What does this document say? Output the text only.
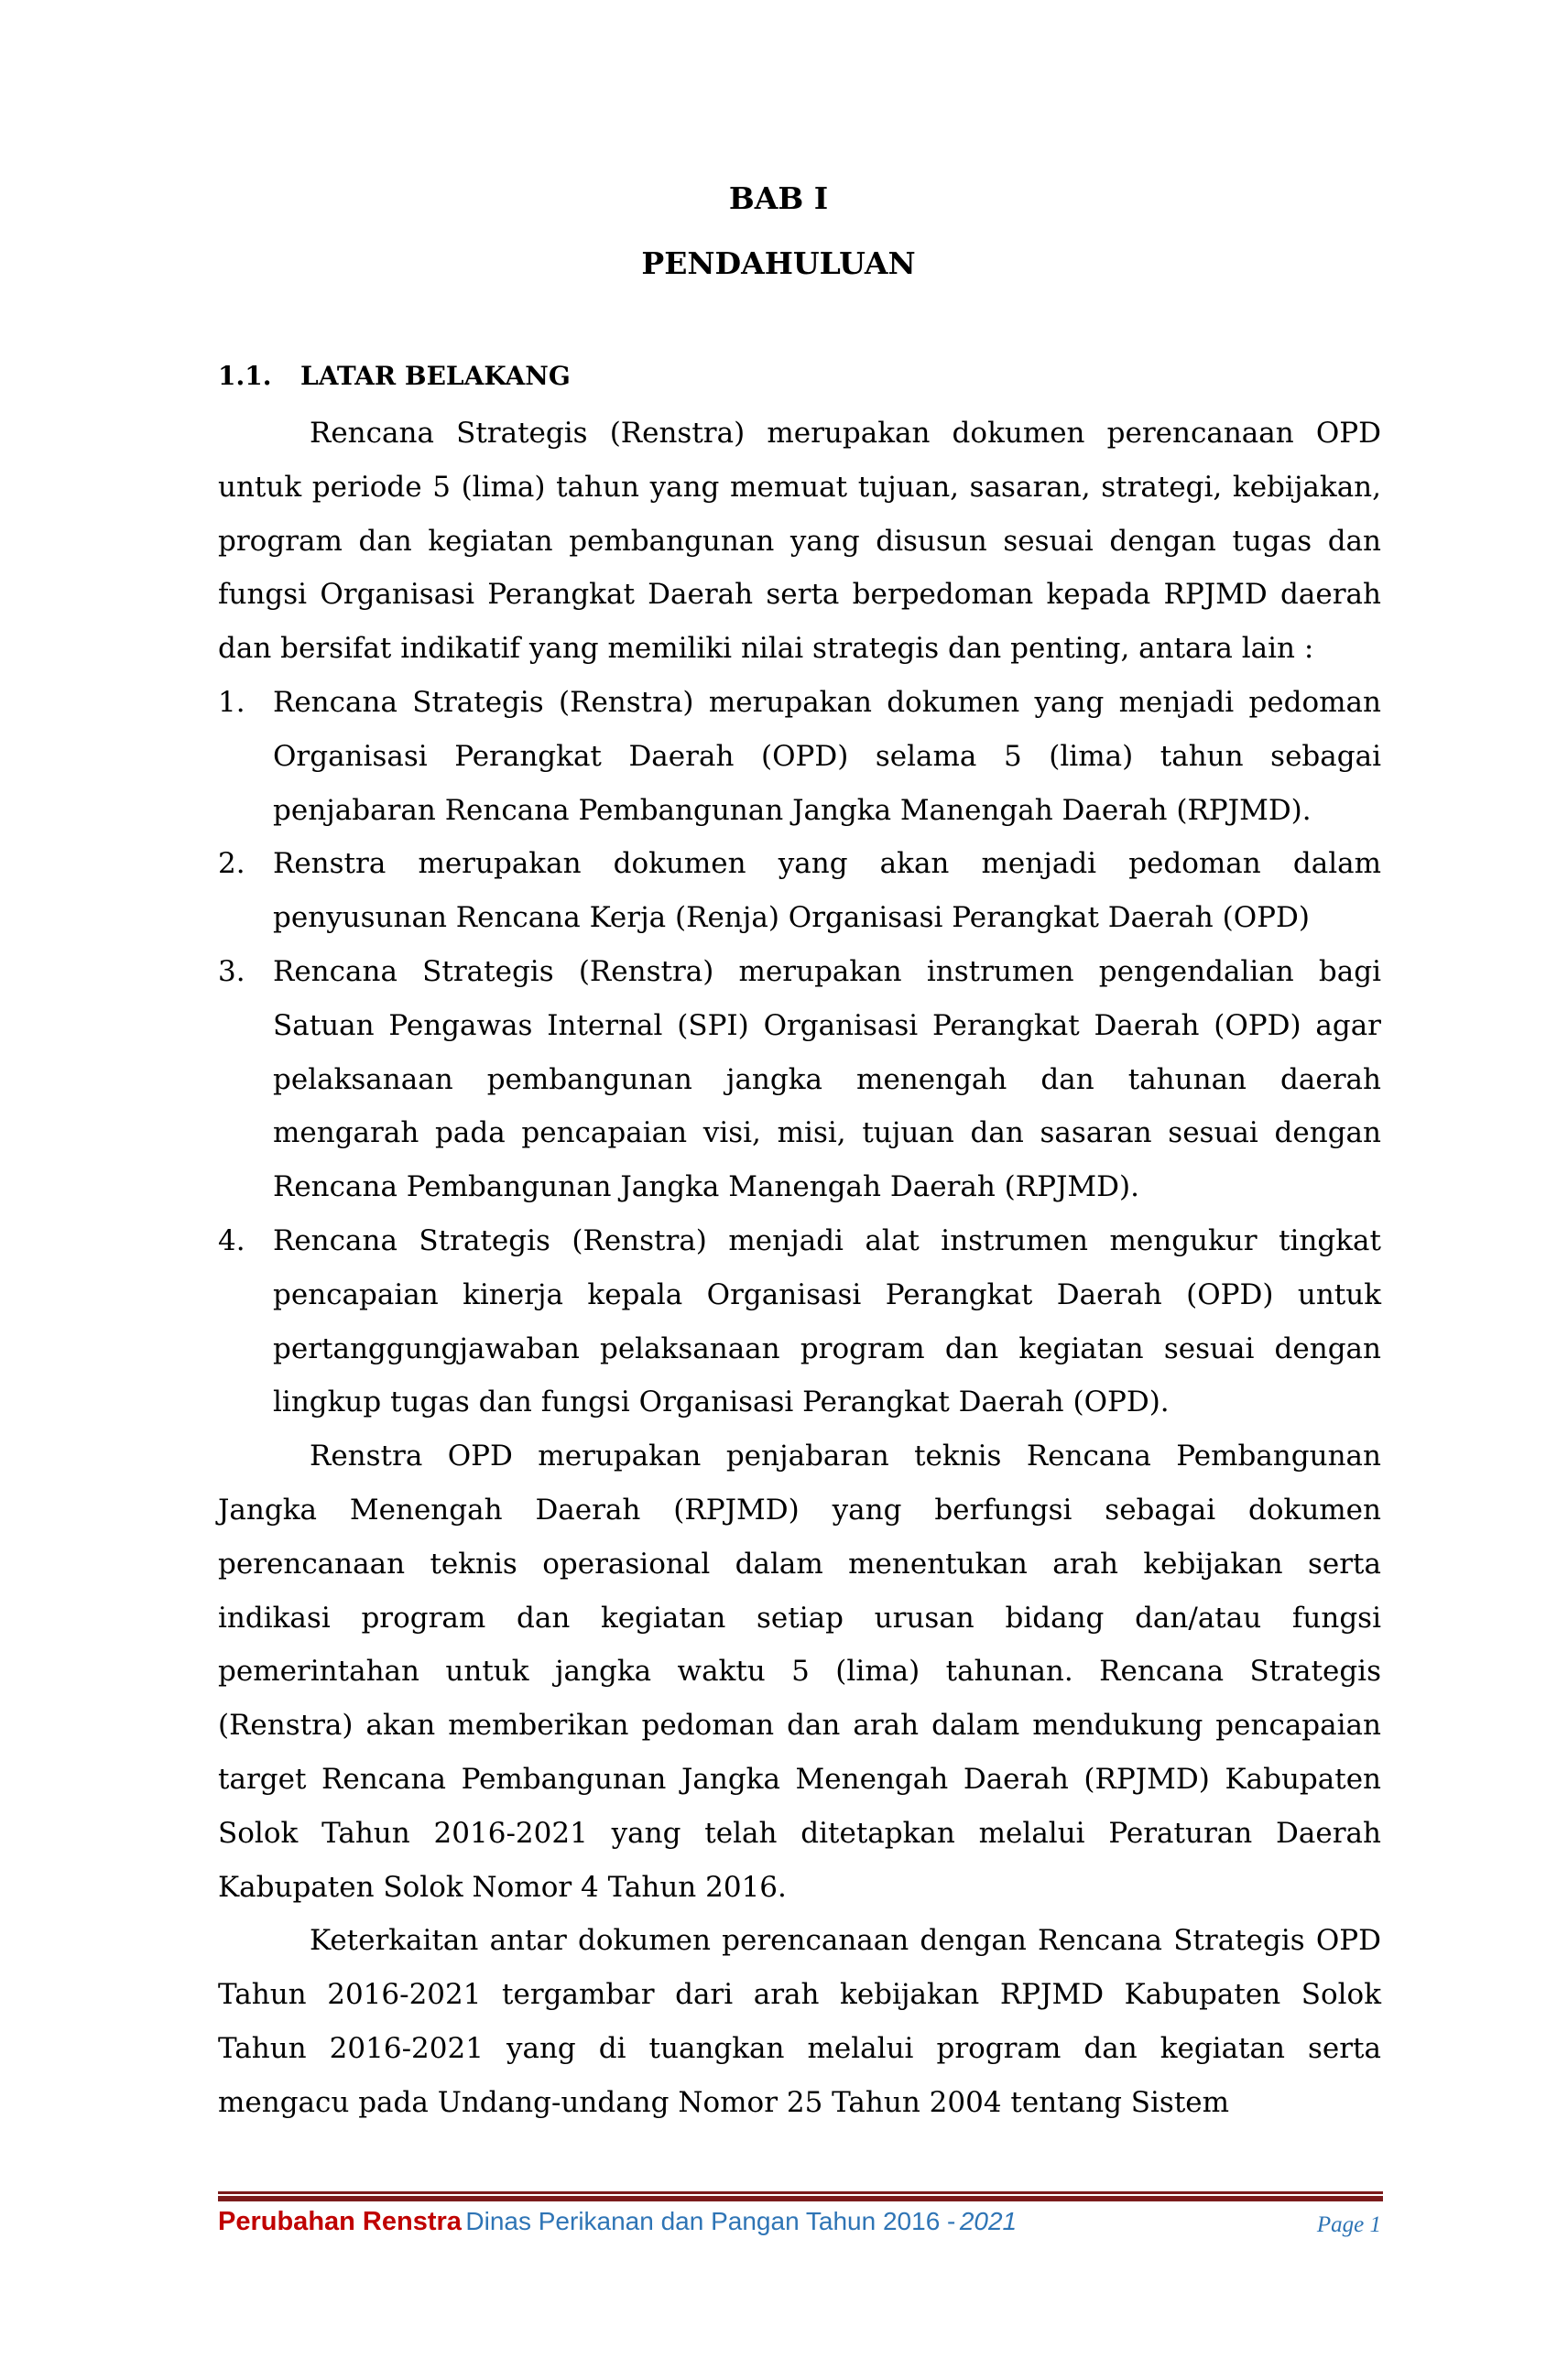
BAB I
PENDAHULUAN
1.1. LATAR BELAKANG

Rencana Strategis (Renstra) merupakan dokumen perencanaan OPD untuk periode 5 (lima) tahun yang memuat tujuan, sasaran, strategi, kebijakan, program dan kegiatan pembangunan yang disusun sesuai dengan tugas dan fungsi Organisasi Perangkat Daerah serta berpedoman kepada RPJMD daerah dan bersifat indikatif yang memiliki nilai strategis dan penting, antara lain :

1. Rencana Strategis (Renstra) merupakan dokumen yang menjadi pedoman Organisasi Perangkat Daerah (OPD) selama 5 (lima) tahun sebagai penjabaran Rencana Pembangunan Jangka Manengah Daerah (RPJMD).
2. Renstra merupakan dokumen yang akan menjadi pedoman dalam penyusunan Rencana Kerja (Renja) Organisasi Perangkat Daerah (OPD)
3. Rencana Strategis (Renstra) merupakan instrumen pengendalian bagi Satuan Pengawas Internal (SPI) Organisasi Perangkat Daerah (OPD) agar pelaksanaan pembangunan jangka menengah dan tahunan daerah mengarah pada pencapaian visi, misi, tujuan dan sasaran sesuai dengan Rencana Pembangunan Jangka Manengah Daerah (RPJMD).
4. Rencana Strategis (Renstra) menjadi alat instrumen mengukur tingkat pencapaian kinerja kepala Organisasi Perangkat Daerah (OPD) untuk pertanggungjawaban pelaksanaan program dan kegiatan sesuai dengan lingkup tugas dan fungsi Organisasi Perangkat Daerah (OPD).

Renstra OPD merupakan penjabaran teknis Rencana Pembangunan Jangka Menengah Daerah (RPJMD) yang berfungsi sebagai dokumen perencanaan teknis operasional dalam menentukan arah kebijakan serta indikasi program dan kegiatan setiap urusan bidang dan/atau fungsi pemerintahan untuk jangka waktu 5 (lima) tahunan. Rencana Strategis (Renstra) akan memberikan pedoman dan arah dalam mendukung pencapaian target Rencana Pembangunan Jangka Menengah Daerah (RPJMD) Kabupaten Solok Tahun 2016-2021 yang telah ditetapkan melalui Peraturan Daerah Kabupaten Solok Nomor 4 Tahun 2016.

Keterkaitan antar dokumen perencanaan dengan Rencana Strategis OPD Tahun 2016-2021 tergambar dari arah kebijakan RPJMD Kabupaten Solok Tahun 2016-2021 yang di tuangkan melalui program dan kegiatan serta mengacu pada Undang-undang Nomor 25 Tahun 2004 tentang Sistem

Perubahan Renstra Dinas Perikanan dan Pangan Tahun 2016 - 2021	Page 1
